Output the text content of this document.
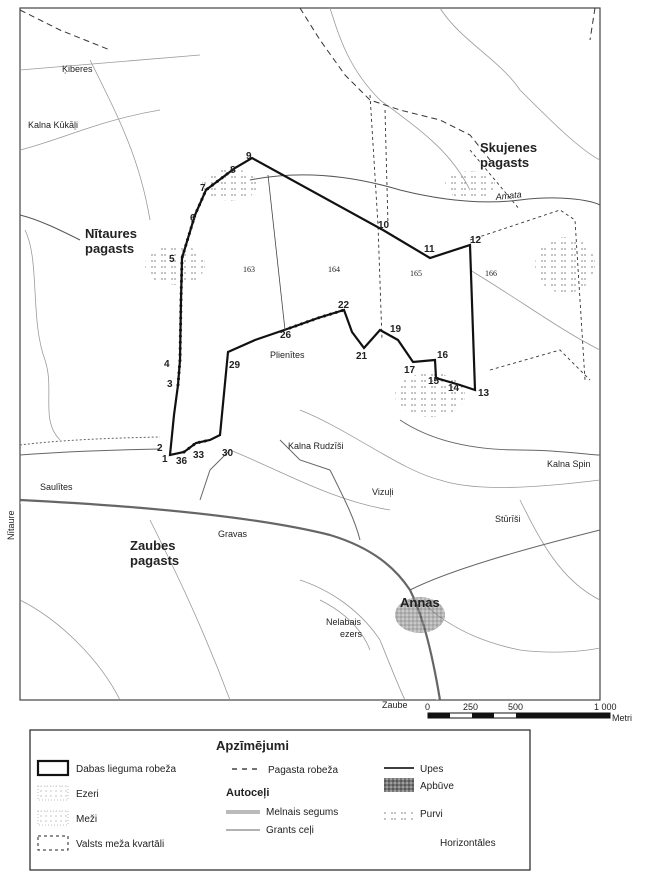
Nītaures
pagasts
Skujenes
pagasts
Zaubes
pagasts
Annas
Ķiberes
Kalna Kūkāļi
Plienītes
Kalna Rudzīši
Saulītes	Vizuļi
Gravas
Stūrīši
Kalna Spin
Zaube
Nelabais
ezers
Amata
Nītaure
163	164	165	166
1
2
3
4
5
6
7
8
9
10
11
12
13
14
15
16
17
19
21
22
26
29
30
33
36
0	250	500	1 000
Metri
Apzīmējumi
Dabas lieguma robeža
Ezeri
Meži
Valsts meža kvartāli
Pagasta robeža
Autoceļi
Melnais segums
Grants ceļi
Upes
Apbūve
Purvi
Horizontāles
